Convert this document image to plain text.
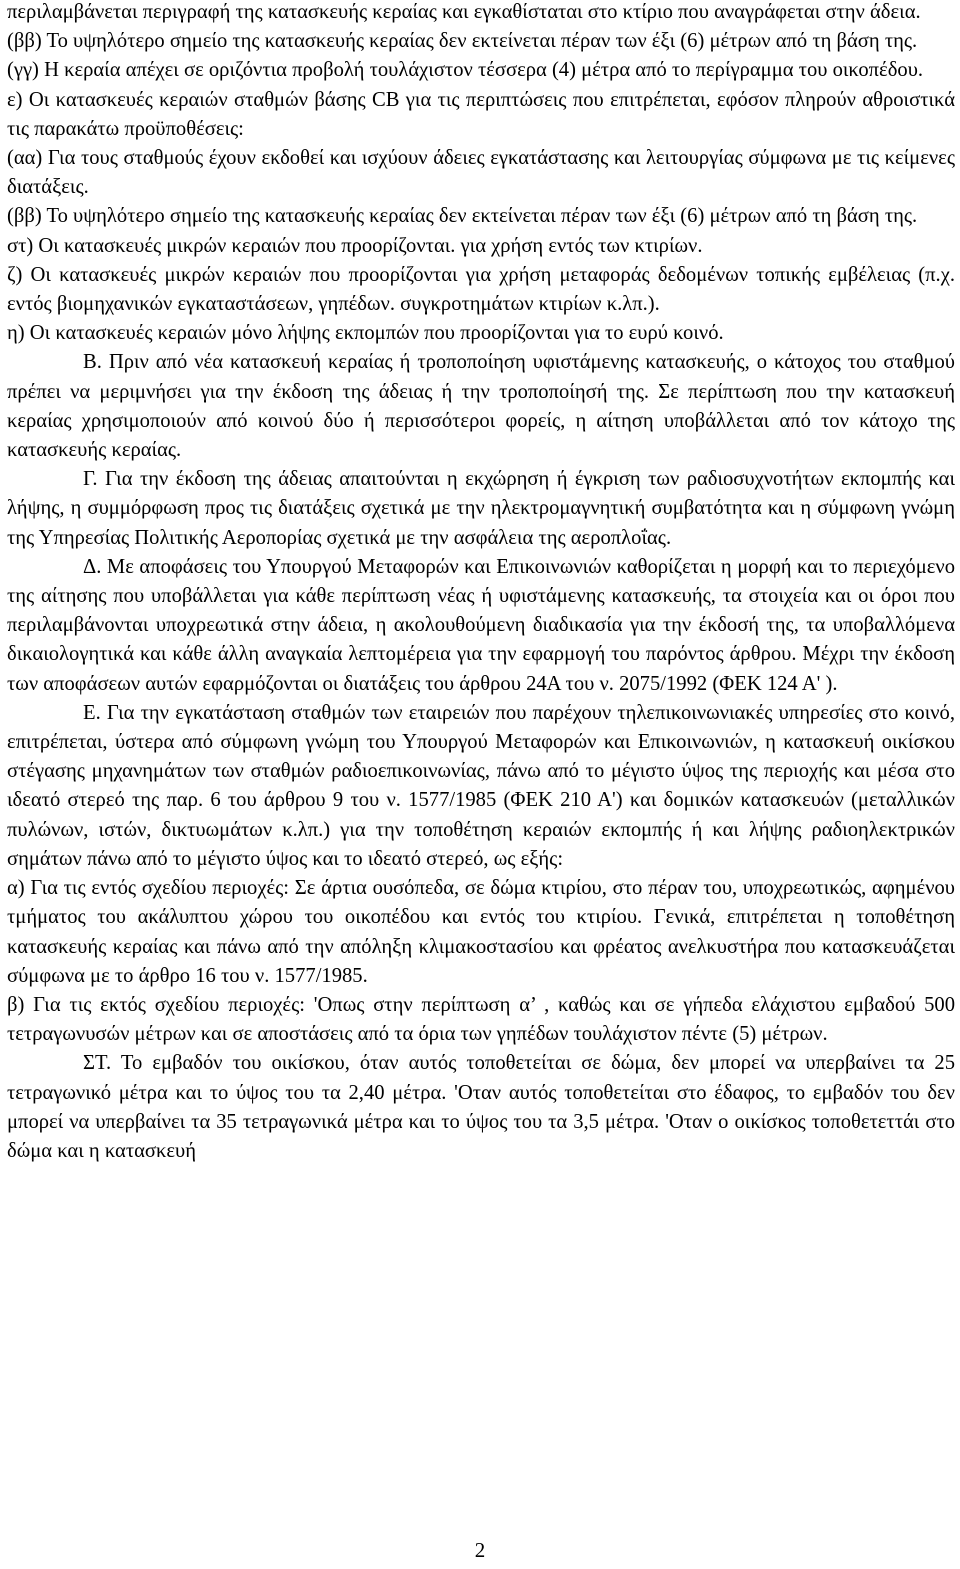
περιλαμβάνεται περιγραφή της κατασκευής κεραίας και εγκαθίσταται στο κτίριο που αναγράφεται στην άδεια.

(ββ) Το υψηλότερο σημείο της κατασκευής κεραίας δεν εκτείνεται πέραν των έξι (6) μέτρων από τη βάση της.

(γγ) Η κεραία απέχει σε οριζόντια προβολή τουλάχιστον τέσσερα (4) μέτρα από το περίγραμμα του οικοπέδου.

ε) Οι κατασκευές κεραιών σταθμών βάσης CB για τις περιπτώσεις που επιτρέπεται, εφόσον πληρούν αθροιστικά τις παρακάτω προϋποθέσεις:

(αα) Για τους σταθμούς έχουν εκδοθεί και ισχύουν άδειες εγκατάστασης και λειτουργίας σύμφωνα με τις κείμενες διατάξεις.

(ββ) Το υψηλότερο σημείο της κατασκευής κεραίας δεν εκτείνεται πέραν των έξι (6) μέτρων από τη βάση της.

στ) Οι κατασκευές μικρών κεραιών που προορίζονται. για χρήση εντός των κτιρίων.

ζ) Οι κατασκευές μικρών κεραιών που προορίζονται για χρήση μεταφοράς δεδομένων τοπικής εμβέλειας (π.χ. εντός βιομηχανικών εγκαταστάσεων, γηπέδων. συγκροτημάτων κτιρίων κ.λπ.).

η) Οι κατασκευές κεραιών μόνο λήψης εκπομπών που προορίζονται για το ευρύ κοινό.

Β. Πριν από νέα κατασκευή κεραίας ή τροποποίηση υφιστάμενης κατασκευής, ο κάτοχος του σταθμού πρέπει να μεριμνήσει για την έκδοση της άδειας ή την τροποποίησή της. Σε περίπτωση που την κατασκευή κεραίας χρησιμοποιούν από κοινού δύο ή περισσότεροι φορείς, η αίτηση υποβάλλεται από τον κάτοχο της κατασκευής κεραίας.

Γ. Για την έκδοση της άδειας απαιτούνται η εκχώρηση ή έγκριση των ραδιοσυχνοτήτων εκπομπής και λήψης, η συμμόρφωση προς τις διατάξεις σχετικά με την ηλεκτρομαγνητική συμβατότητα και η σύμφωνη γνώμη της Υπηρεσίας Πολιτικής Αεροπορίας σχετικά με την ασφάλεια της αεροπλοΐας.

Δ. Με αποφάσεις του Υπουργού Μεταφορών και Επικοινωνιών καθορίζεται η μορφή και το περιεχόμενο της αίτησης που υποβάλλεται για κάθε περίπτωση νέας ή υφιστάμενης κατασκευής, τα στοιχεία και οι όροι που περιλαμβάνονται υποχρεωτικά στην άδεια, η ακολουθούμενη διαδικασία για την έκδοσή της, τα υποβαλλόμενα δικαιολογητικά και κάθε άλλη αναγκαία λεπτομέρεια για την εφαρμογή του παρόντος άρθρου. Μέχρι την έκδοση των αποφάσεων αυτών εφαρμόζονται οι διατάξεις του άρθρου 24Α του ν. 2075/1992 (ΦΕΚ 124 Α' ).

Ε. Για την εγκατάσταση σταθμών των εταιρειών που παρέχουν τηλεπικοινωνιακές υπηρεσίες στο κοινό, επιτρέπεται, ύστερα από σύμφωνη γνώμη του Υπουργού Μεταφορών και Επικοινωνιών, η κατασκευή οικίσκου στέγασης μηχανημάτων των σταθμών ραδιοεπικοινωνίας, πάνω από το μέγιστο ύψος της περιοχής και μέσα στο ιδεατό στερεό της παρ. 6 του άρθρου 9 του ν. 1577/1985 (ΦΕΚ 210 Α') και δομικών κατασκευών (μεταλλικών πυλώνων, ιστών, δικτυωμάτων κ.λπ.) για την τοποθέτηση κεραιών εκπομπής ή και λήψης ραδιοηλεκτρικών σημάτων πάνω από το μέγιστο ύψος και το ιδεατό στερεό, ως εξής:

α) Για τις εντός σχεδίου περιοχές: Σε άρτια ουσόπεδα, σε δώμα κτιρίου, στο πέραν του, υποχρεωτικώς, αφημένου τμήματος του ακάλυπτου χώρου του οικοπέδου και εντός του κτιρίου. Γενικά, επιτρέπεται η τοποθέτηση κατασκευής κεραίας και πάνω από την απόληξη κλιμακοστασίου και φρέατος ανελκυστήρα που κατασκευάζεται σύμφωνα με το άρθρο 16 του ν. 1577/1985.

β) Για τις εκτός σχεδίου περιοχές: 'Οπως στην περίπτωση α’ , καθώς και σε γήπεδα ελάχιστου εμβαδού 500 τετραγωνυσών μέτρων και σε αποστάσεις από τα όρια των γηπέδων τουλάχιστον πέντε (5) μέτρων.

ΣΤ. Το εμβαδόν του οικίσκου, όταν αυτός τοποθετείται σε δώμα, δεν μπορεί να υπερβαίνει τα 25 τετραγωνικό μέτρα και το ύψος του τα 2,40 μέτρα. 'Οταν αυτός τοποθετείται στο έδαφος, το εμβαδόν του δεν μπορεί να υπερβαίνει τα 35 τετραγωνικά μέτρα και το ύψος του τα 3,5 μέτρα. 'Οταν ο οικίσκος τοποθετεττάι στο δώμα και η κατασκευή

2
